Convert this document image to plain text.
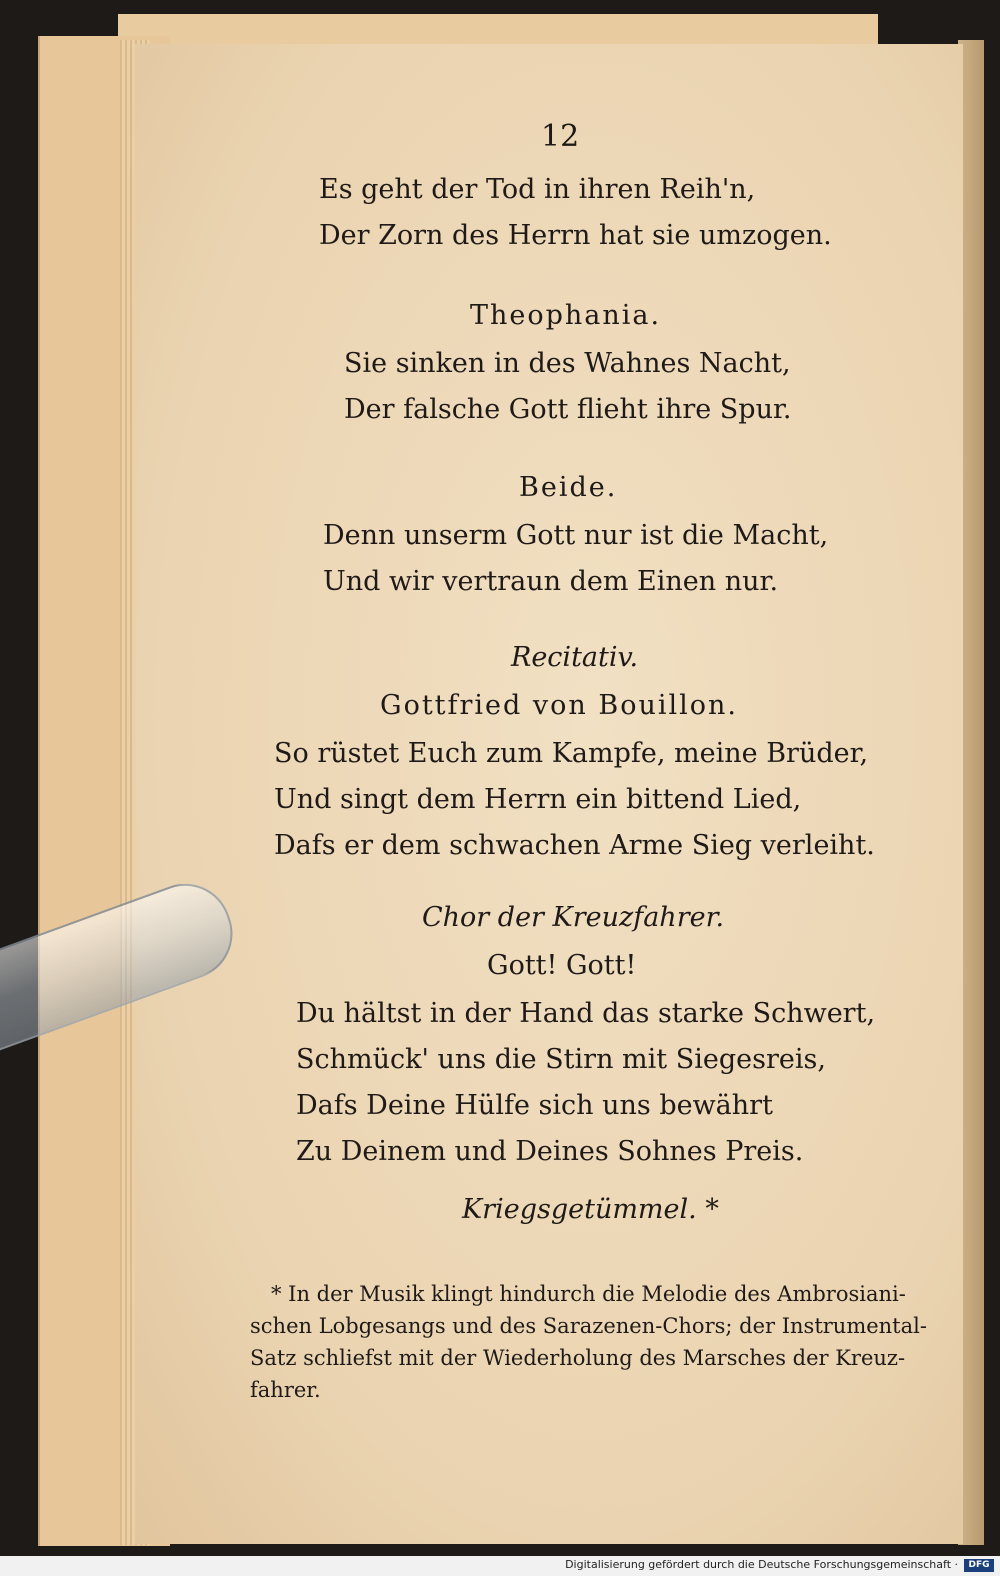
12
Es geht der Tod in ihren Reih'n,
Der Zorn des Herrn hat sie umzogen.
Theophania.
Sie sinken in des Wahnes Nacht,
Der falsche Gott flieht ihre Spur.
Beide.
Denn unserm Gott nur ist die Macht,
Und wir vertraun dem Einen nur.
Recitativ.
Gottfried von Bouillon.
So rüstet Euch zum Kampfe, meine Brüder,
Und singt dem Herrn ein bittend Lied,
Dafs er dem schwachen Arme Sieg verleiht.
Chor der Kreuzfahrer.
Gott! Gott!
Du hältst in der Hand das starke Schwert,
Schmück' uns die Stirn mit Siegesreis,
Dafs Deine Hülfe sich uns bewährt
Zu Deinem und Deines Sohnes Preis.
Kriegsgetümmel. *
* In der Musik klingt hindurch die Melodie des Ambrosiani-
schen Lobgesangs und des Sarazenen-Chors; der Instrumental-
Satz schliefst mit der Wiederholung des Marsches der Kreuz-
fahrer.
Digitalisierung gefördert durch die Deutsche Forschungsgemeinschaft ·	DFG
